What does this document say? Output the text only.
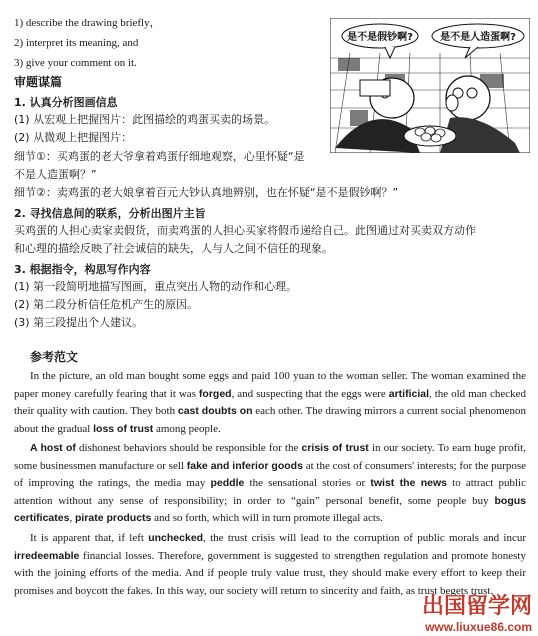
1) describe the drawing briefly，
2) interpret its meaning, and
3) give your comment on it.
审题谋篇
1. 认真分析图画信息
(1) 从宏观上把握图片：此图描绘的鸡蛋买卖的场景。
(2) 从微观上把握图片：
细节①：买鸡蛋的老大爷拿着鸡蛋仔细地观察，心里怀疑“是
不是人造蛋啊？”
细节②：卖鸡蛋的老大娘拿着百元大钞认真地辨别，也在怀疑“是不是假钞啊？”
2. 寻找信息间的联系，分析出图片主旨
买鸡蛋的人担心卖家卖假货，而卖鸡蛋的人担心买家将假币递给自己。此图通过对买卖双方动作
和心理的描绘反映了社会诚信的缺失，人与人之间不信任的现象。
3. 根据指令，构思写作内容
(1) 第一段简明地描写图画，重点突出人物的动作和心理。
(2) 第二段分析信任危机产生的原因。
(3) 第三段提出个人建议。
参考范文
In the picture, an old man bought some eggs and paid 100 yuan to the woman seller. The woman examined the paper money carefully fearing that it was forged, and suspecting that the eggs were artificial, the old man checked their quality with caution. They both cast doubts on each other. The drawing mirrors a current social phenomenon about the gradual loss of trust among people.
A host of dishonest behaviors should be responsible for the crisis of trust in our society. To earn huge profit, some businessmen manufacture or sell fake and inferior goods at the cost of consumers' interests; for the purpose of improving the ratings, the media may peddle the sensational stories or twist the news to attract public attention without any sense of responsibility; in order to “gain” personal benefit, some people buy bogus certificates, pirate products and so forth, which will in turn promote illegal acts.
It is apparent that, if left unchecked, the trust crisis will lead to the corruption of public morals and incur irredeemable financial losses. Therefore, government is suggested to strengthen regulation and promote honesty with the joining efforts of the media. And if people truly value trust, they should make every effort to keep their promises and boycott the fakes. In this way, our society will return to sincerity and faith, as trust begets trust.
是不是假钞啊?	是不是人造蛋啊?
出国留学网
www.liuxue86.com
